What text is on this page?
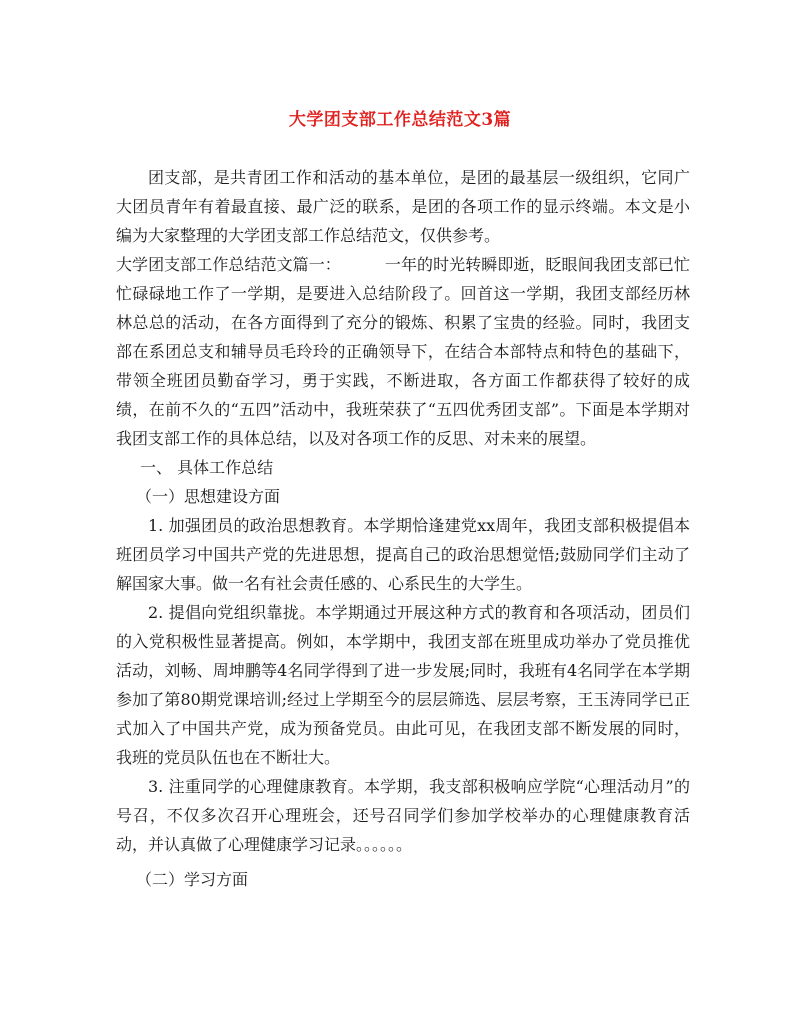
大学团支部工作总结范文3篇

团支部，是共青团工作和活动的基本单位，是团的最基层一级组织，它同广大团员青年有着最直接、最广泛的联系，是团的各项工作的显示终端。本文是小编为大家整理的大学团支部工作总结范文，仅供参考。

大学团支部工作总结范文篇一：	一年的时光转瞬即逝，眨眼间我团支部已忙忙碌碌地工作了一学期，是要进入总结阶段了。回首这一学期，我团支部经历林林总总的活动，在各方面得到了充分的锻炼、积累了宝贵的经验。同时，我团支部在系团总支和辅导员毛玲玲的正确领导下，在结合本部特点和特色的基础下，带领全班团员勤奋学习，勇于实践，不断进取，各方面工作都获得了较好的成绩，在前不久的“五四”活动中，我班荣获了“五四优秀团支部”。下面是本学期对我团支部工作的具体总结，以及对各项工作的反思、对未来的展望。

一、 具体工作总结

（一）思想建设方面

1. 加强团员的政治思想教育。本学期恰逢建党xx周年，我团支部积极提倡本班团员学习中国共产党的先进思想，提高自己的政治思想觉悟;鼓励同学们主动了解国家大事。做一名有社会责任感的、心系民生的大学生。

2. 提倡向党组织靠拢。本学期通过开展这种方式的教育和各项活动，团员们的入党积极性显著提高。例如，本学期中，我团支部在班里成功举办了党员推优活动，刘畅、周坤鹏等4名同学得到了进一步发展;同时，我班有4名同学在本学期参加了第80期党课培训;经过上学期至今的层层筛选、层层考察，王玉涛同学已正式加入了中国共产党，成为预备党员。由此可见，在我团支部不断发展的同时，我班的党员队伍也在不断壮大。

3. 注重同学的心理健康教育。本学期，我支部积极响应学院“心理活动月”的号召，不仅多次召开心理班会，还号召同学们参加学校举办的心理健康教育活动，并认真做了心理健康学习记录。。。。。。

（二）学习方面
